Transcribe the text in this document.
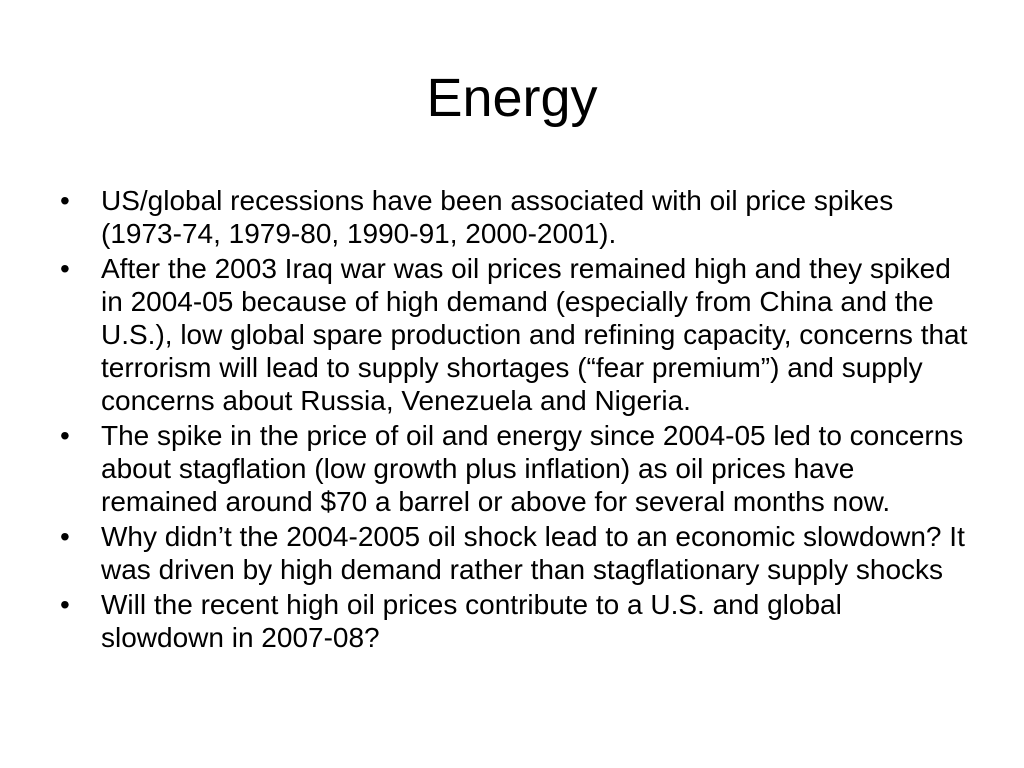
Energy
•	US/global recessions have been associated with oil price spikes (1973-74, 1979-80, 1990-91, 2000-2001).
•	After the 2003 Iraq war was oil prices remained high and they spiked in 2004-05 because of high demand (especially from China and the U.S.), low global spare production and refining capacity, concerns that terrorism will lead to supply shortages (“fear premium”) and supply concerns about Russia, Venezuela and Nigeria.
•	The spike in the price of oil and energy since 2004-05 led to concerns about stagflation (low growth plus inflation) as oil prices have remained around $70 a barrel or above for several months now.
•	Why didn’t the 2004-2005 oil shock lead to an economic slowdown? It was driven by high demand rather than stagflationary supply shocks
•	Will the recent high oil prices contribute to a U.S. and global slowdown in 2007-08?
